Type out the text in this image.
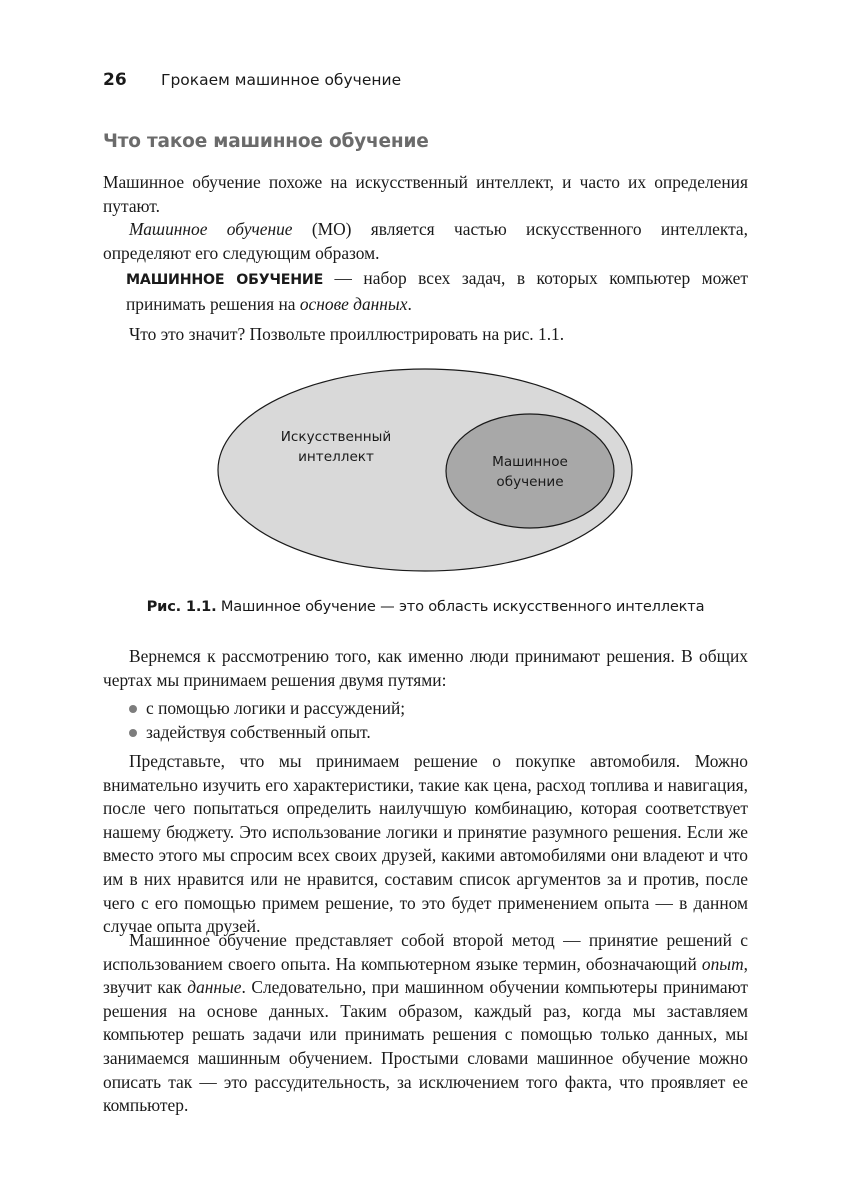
26 Грокаем машинное обучение
Что такое машинное обучение

Машинное обучение похоже на искусственный интеллект, и часто их определения путают.

Машинное обучение (МО) является частью искусственного интеллекта, определяют его следующим образом.

МАШИННОЕ ОБУЧЕНИЕ — набор всех задач, в которых компьютер может принимать решения на основе данных.

Что это значит? Позвольте проиллюстрировать на рис. 1.1.
Искусственный
интеллект	Машинное
обучение
Рис. 1.1. Машинное обучение — это область искусственного интеллекта

Вернемся к рассмотрению того, как именно люди принимают решения. В общих чертах мы принимаем решения двумя путями:

с помощью логики и рассуждений;
задействуя собственный опыт.

Представьте, что мы принимаем решение о покупке автомобиля. Можно внимательно изучить его характеристики, такие как цена, расход топлива и навигация, после чего попытаться определить наилучшую комбинацию, которая соответствует нашему бюджету. Это использование логики и принятие разумного решения. Если же вместо этого мы спросим всех своих друзей, какими автомобилями они владеют и что им в них нравится или не нравится, составим список аргументов за и против, после чего с его помощью примем решение, то это будет применением опыта — в данном случае опыта друзей.

Машинное обучение представляет собой второй метод — принятие решений с использованием своего опыта. На компьютерном языке термин, обозначающий опыт, звучит как данные. Следовательно, при машинном обучении компьютеры принимают решения на основе данных. Таким образом, каждый раз, когда мы заставляем компьютер решать задачи или принимать решения с помощью только данных, мы занимаемся машинным обучением. Простыми словами машинное обучение можно описать так — это рассудительность, за исключением того факта, что проявляет ее компьютер.
